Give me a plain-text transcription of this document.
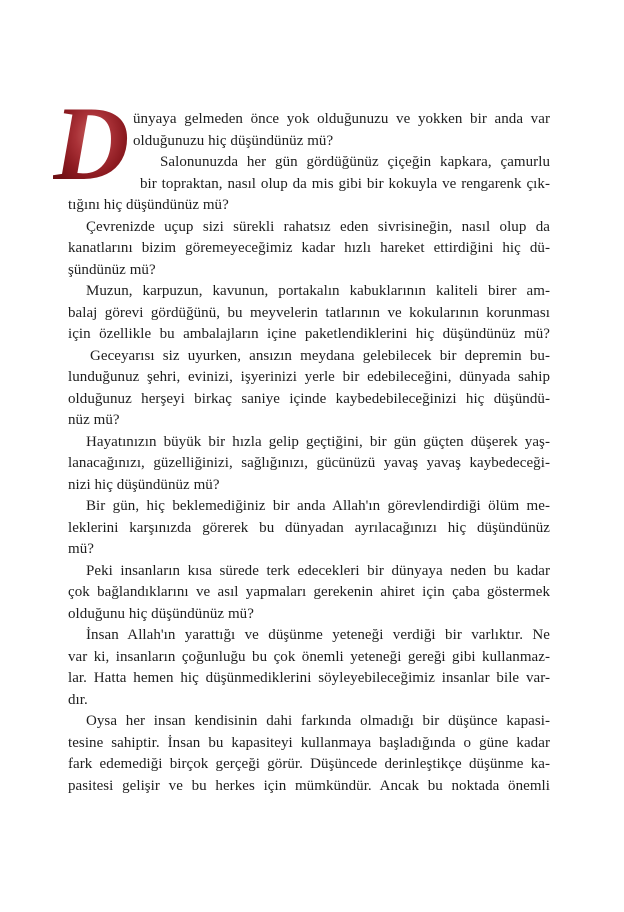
D ünyaya gelmeden önce yok olduğunuzu ve yokken bir anda var
olduğunuzu hiç düşündünüz mü?
Salonunuzda her gün gördüğünüz çiçeğin kapkara, çamurlu
bir topraktan, nasıl olup da mis gibi bir kokuyla ve rengarenk çık-
tığını hiç düşündünüz mü?
Çevrenizde uçup sizi sürekli rahatsız eden sivrisineğin, nasıl olup da
kanatlarını bizim göremeyeceğimiz kadar hızlı hareket ettirdiğini hiç dü-
şündünüz mü?
Muzun, karpuzun, kavunun, portakalın kabuklarının kaliteli birer am-
balaj görevi gördüğünü, bu meyvelerin tatlarının ve kokularının korunması
için özellikle bu ambalajların içine paketlendiklerini hiç düşündünüz mü?
Geceyarısı siz uyurken, ansızın meydana gelebilecek bir depremin bu-
lunduğunuz şehri, evinizi, işyerinizi yerle bir edebileceğini, dünyada sahip
olduğunuz herşeyi birkaç saniye içinde kaybedebileceğinizi hiç düşündü-
nüz mü?
Hayatınızın büyük bir hızla gelip geçtiğini, bir gün güçten düşerek yaş-
lanacağınızı, güzelliğinizi, sağlığınızı, gücünüzü yavaş yavaş kaybedeceği-
nizi hiç düşündünüz mü?
Bir gün, hiç beklemediğiniz bir anda Allah'ın görevlendirdiği ölüm me-
leklerini karşınızda görerek bu dünyadan ayrılacağınızı hiç düşündünüz
mü?
Peki insanların kısa sürede terk edecekleri bir dünyaya neden bu kadar
çok bağlandıklarını ve asıl yapmaları gerekenin ahiret için çaba göstermek
olduğunu hiç düşündünüz mü?
İnsan Allah'ın yarattığı ve düşünme yeteneği verdiği bir varlıktır. Ne
var ki, insanların çoğunluğu bu çok önemli yeteneği gereği gibi kullanmaz-
lar. Hatta hemen hiç düşünmediklerini söyleyebileceğimiz insanlar bile var-
dır.
Oysa her insan kendisinin dahi farkında olmadığı bir düşünce kapasi-
tesine sahiptir. İnsan bu kapasiteyi kullanmaya başladığında o güne kadar
fark edemediği birçok gerçeği görür. Düşüncede derinleştikçe düşünme ka-
pasitesi gelişir ve bu herkes için mümkündür. Ancak bu noktada önemli
